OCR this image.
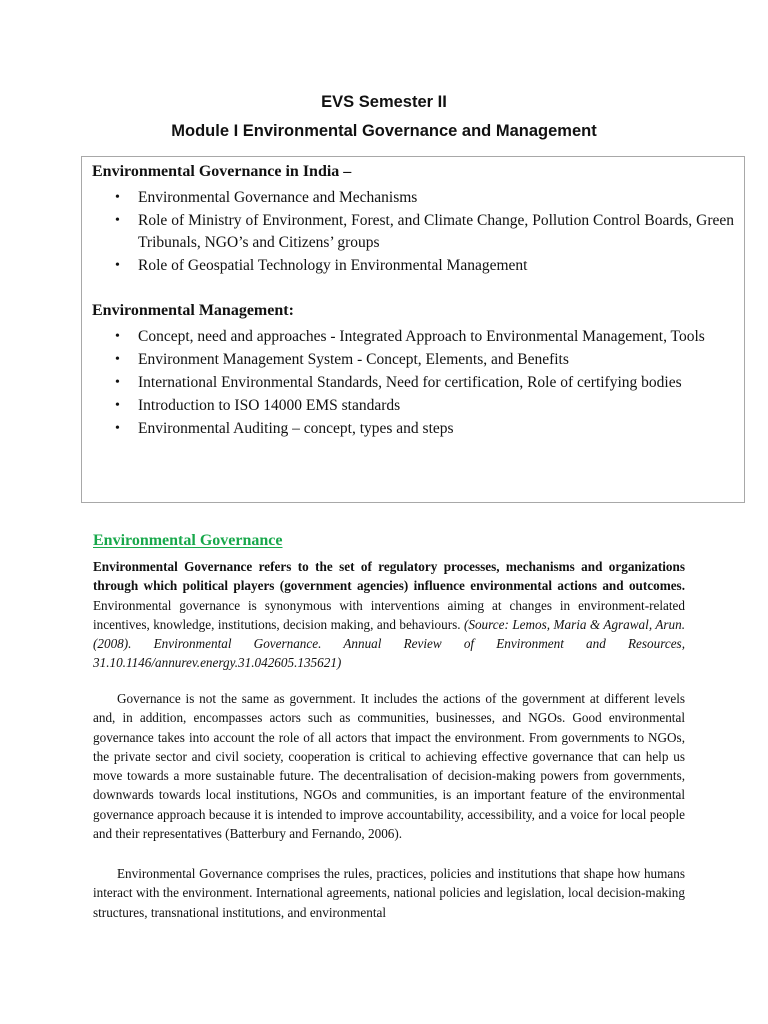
EVS Semester II
Module I Environmental Governance and Management
Environmental Governance in India –
• Environmental Governance and Mechanisms
• Role of Ministry of Environment, Forest, and Climate Change, Pollution Control Boards, Green Tribunals, NGO’s and Citizens’ groups
• Role of Geospatial Technology in Environmental Management
Environmental Management:
• Concept, need and approaches - Integrated Approach to Environmental Management, Tools
• Environment Management System - Concept, Elements, and Benefits
• International Environmental Standards, Need for certification, Role of certifying bodies
• Introduction to ISO 14000 EMS standards
• Environmental Auditing – concept, types and steps
Environmental Governance

Environmental Governance refers to the set of regulatory processes, mechanisms and organizations through which political players (government agencies) influence environmental actions and outcomes. Environmental governance is synonymous with interventions aiming at changes in environment-related incentives, knowledge, institutions, decision making, and behaviours. (Source: Lemos, Maria & Agrawal, Arun. (2008). Environmental Governance. Annual Review of Environment and Resources, 31.10.1146/annurev.energy.31.042605.135621)

Governance is not the same as government. It includes the actions of the government at different levels and, in addition, encompasses actors such as communities, businesses, and NGOs. Good environmental governance takes into account the role of all actors that impact the environment. From governments to NGOs, the private sector and civil society, cooperation is critical to achieving effective governance that can help us move towards a more sustainable future. The decentralisation of decision-making powers from governments, downwards towards local institutions, NGOs and communities, is an important feature of the environmental governance approach because it is intended to improve accountability, accessibility, and a voice for local people and their representatives (Batterbury and Fernando, 2006).

Environmental Governance comprises the rules, practices, policies and institutions that shape how humans interact with the environment. International agreements, national policies and legislation, local decision-making structures, transnational institutions, and environmental
